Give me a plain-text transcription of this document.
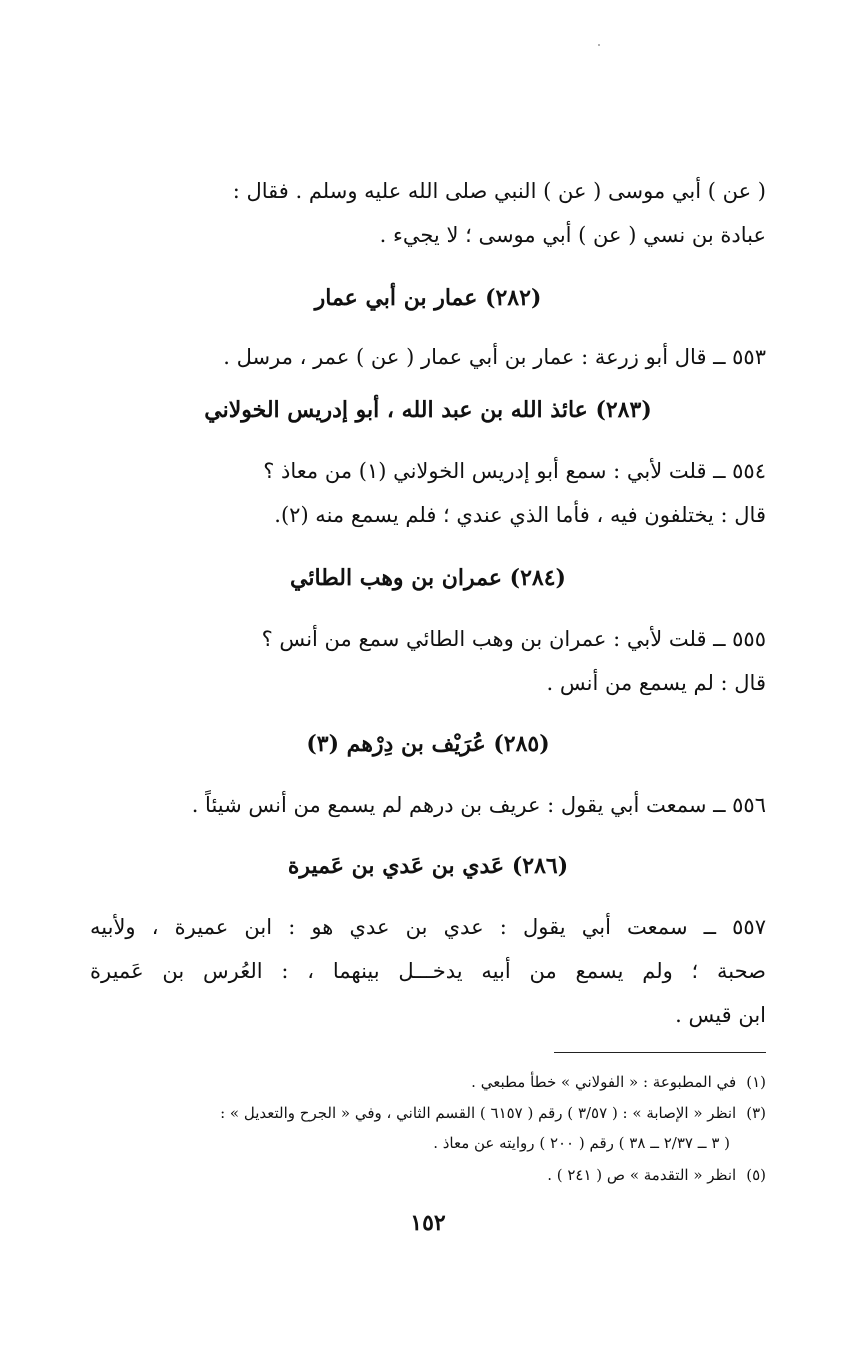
( عن ) أبي موسى ( عن ) النبي صلى الله عليه وسلم . فقال :
عبادة بن نسي ( عن ) أبي موسى ؛ لا يجيء .
(٢٨٢) عمار بن أبي عمار
٥٥٣ ــ قال أبو زرعة : عمار بن أبي عمار ( عن ) عمر ، مرسل .
(٢٨٣) عائذ الله بن عبد الله ، أبو إدريس الخولاني
٥٥٤ ــ قلت لأبي : سمع أبو إدريس الخولاني (١) من معاذ ؟
قال : يختلفون فيه ، فأما الذي عندي ؛ فلم يسمع منه (٢).
(٢٨٤) عمران بن وهب الطائي
٥٥٥ ــ قلت لأبي : عمران بن وهب الطائي سمع من أنس ؟
قال : لم يسمع من أنس .
(٢٨٥) عُرَيْف بن دِرْهم (٣)
٥٥٦ ــ سمعت أبي يقول : عريف بن درهم لم يسمع من أنس شيئاً .
(٢٨٦) عَدي بن عَدي بن عَميرة
٥٥٧ ــ سمعت أبي يقول : عدي بن عدي هو : ابن عميرة ، ولأبيه
صحبة ؛ ولم يسمع من أبيه يدخـــل بينهما ، : العُرس بن عَميرة
ابن قيس .
(١)في المطبوعة : « الفولاني » خطأ مطبعي .
(٣)انظر « الإصابة » : ( ٣/٥٧ ) رقم ( ٦١٥٧ ) القسم الثاني ، وفي « الجرح والتعديل » :
( ٣ ــ ٢/٣٧ ــ ٣٨ ) رقم ( ٢٠٠ ) روايته عن معاذ .
(٥)انظر « التقدمة » ص ( ٢٤١ ) .
١٥٢
